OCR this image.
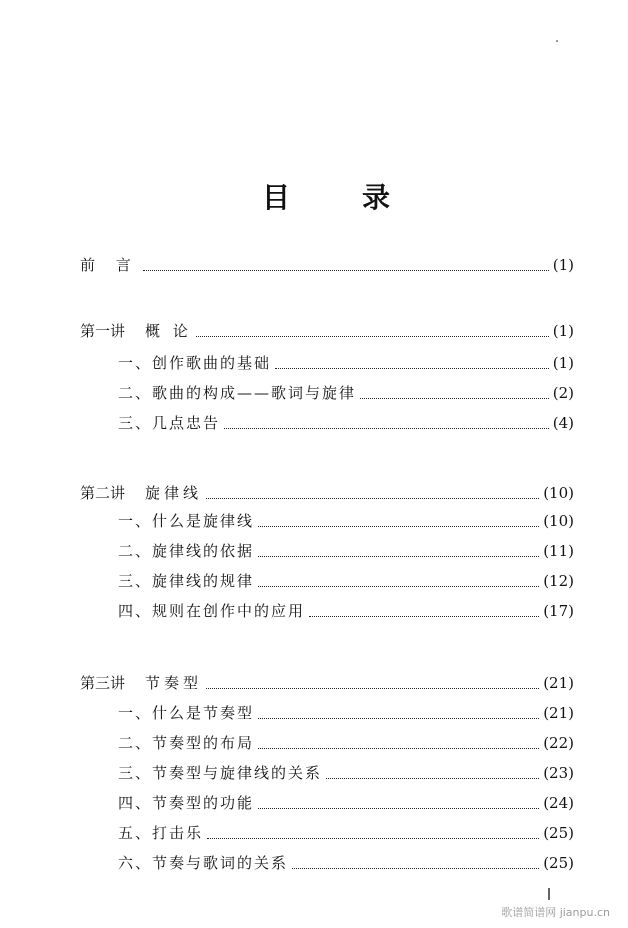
目	录
前 言	(1)
第一讲 概 论	(1)
一、创作歌曲的基础	(1)
二、歌曲的构成——歌词与旋律	(2)
三、几点忠告	(4)
第二讲 旋律线	(10)
一、什么是旋律线	(10)
二、旋律线的依据	(11)
三、旋律线的规律	(12)
四、规则在创作中的应用	(17)
第三讲 节奏型	(21)
一、什么是节奏型	(21)
二、节奏型的布局	(22)
三、节奏型与旋律线的关系	(23)
四、节奏型的功能	(24)
五、打击乐	(25)
六、节奏与歌词的关系	(25)
歌谱简谱网 jianpu.cn
